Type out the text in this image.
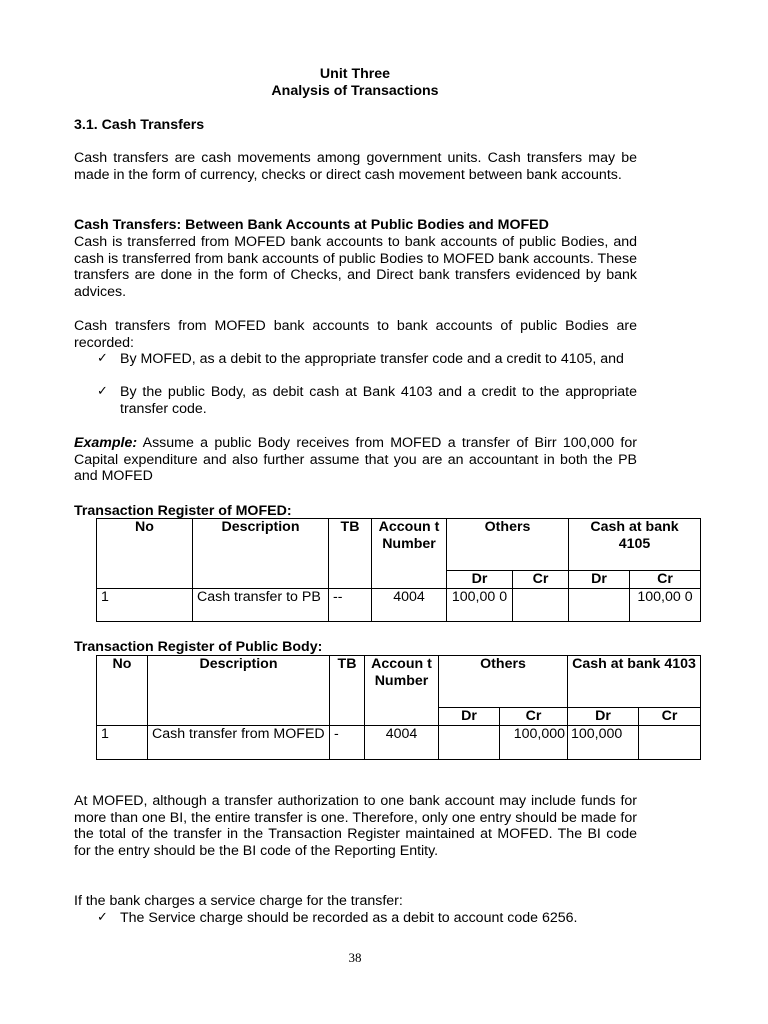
Unit Three
Analysis of Transactions
3.1. Cash Transfers

Cash transfers are cash movements among government units. Cash transfers may be made in the form of currency, checks or direct cash movement between bank accounts.

Cash Transfers: Between Bank Accounts at Public Bodies and MOFED

Cash is transferred from MOFED bank accounts to bank accounts of public Bodies, and cash is transferred from bank accounts of public Bodies to MOFED bank accounts. These transfers are done in the form of Checks, and Direct bank transfers evidenced by bank advices.

Cash transfers from MOFED bank accounts to bank accounts of public Bodies are recorded:

✓ By MOFED, as a debit to the appropriate transfer code and a credit to 4105, and
✓ By the public Body, as debit cash at Bank 4103 and a credit to the appropriate transfer code.

Example: Assume a public Body receives from MOFED a transfer of Birr 100,000 for Capital expenditure and also further assume that you are an accountant in both the PB and MOFED

Transaction Register of MOFED:
No	Description	TB	Accoun t Number	Others		Cash at bank 4105	
				Dr	Cr	Dr	Cr
1	Cash transfer to PB	--	4004	100,00 0			100,00 0
Transaction Register of Public Body:
No	Description	TB	Accoun t Number	Others		Cash at bank 4103	
				Dr	Cr	Dr	Cr
1	Cash transfer from MOFED	-	4004		100,000	100,000	

At MOFED, although a transfer authorization to one bank account may include funds for more than one BI, the entire transfer is one. Therefore, only one entry should be made for the total of the transfer in the Transaction Register maintained at MOFED. The BI code for the entry should be the BI code of the Reporting Entity.

If the bank charges a service charge for the transfer:

✓ The Service charge should be recorded as a debit to account code 6256.
38
